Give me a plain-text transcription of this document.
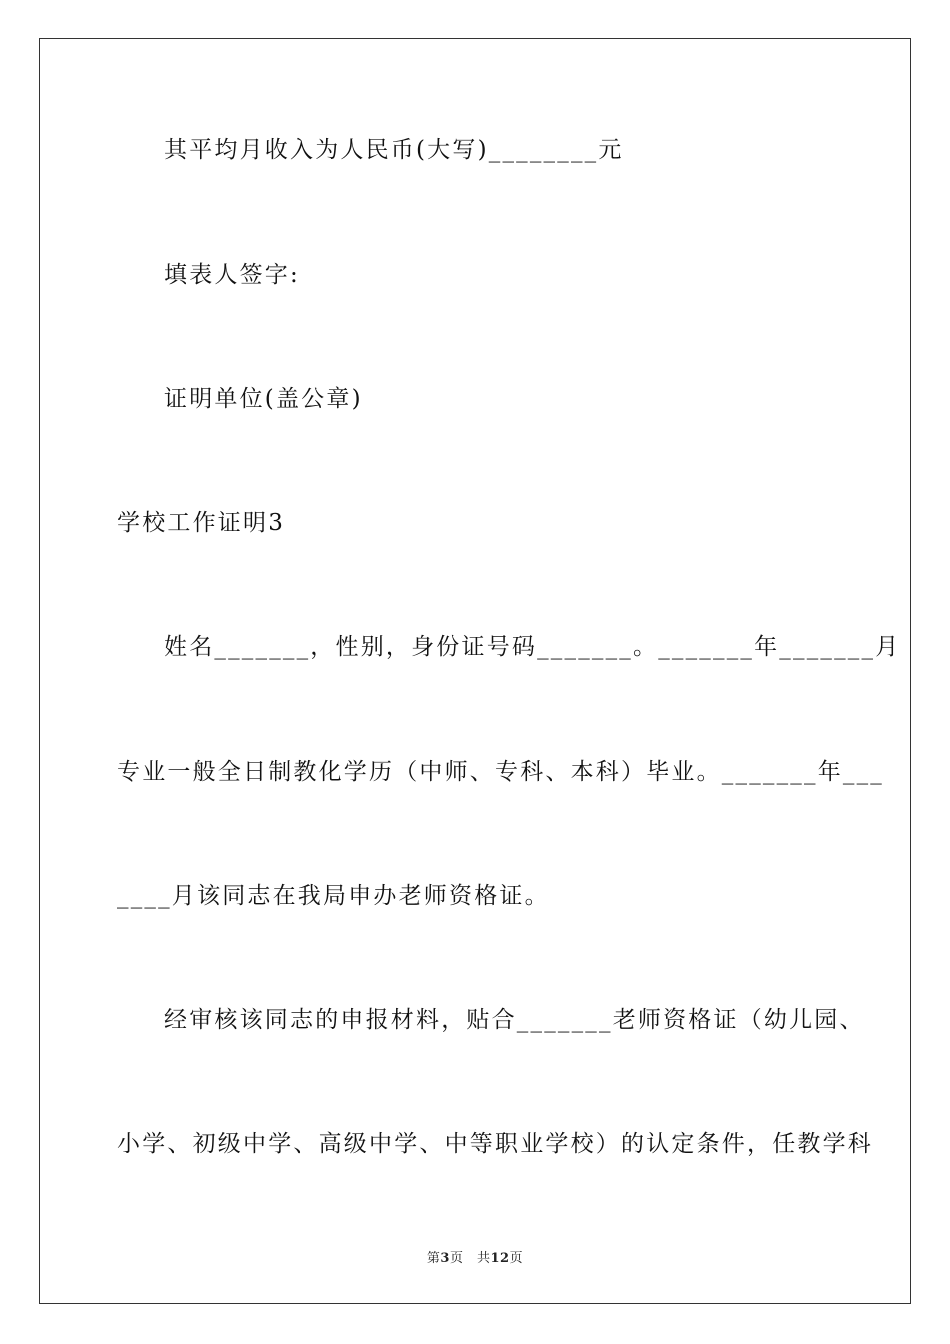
其平均月收入为人民币(大写)________元
填表人签字:
证明单位(盖公章)
学校工作证明3
姓名_______，性别，身份证号码_______。_______年_______月
专业一般全日制教化学历（中师、专科、本科）毕业。_______年___
____月该同志在我局申办老师资格证。
经审核该同志的申报材料，贴合_______老师资格证（幼儿园、
小学、初级中学、高级中学、中等职业学校）的认定条件，任教学科
第3页　共12页
